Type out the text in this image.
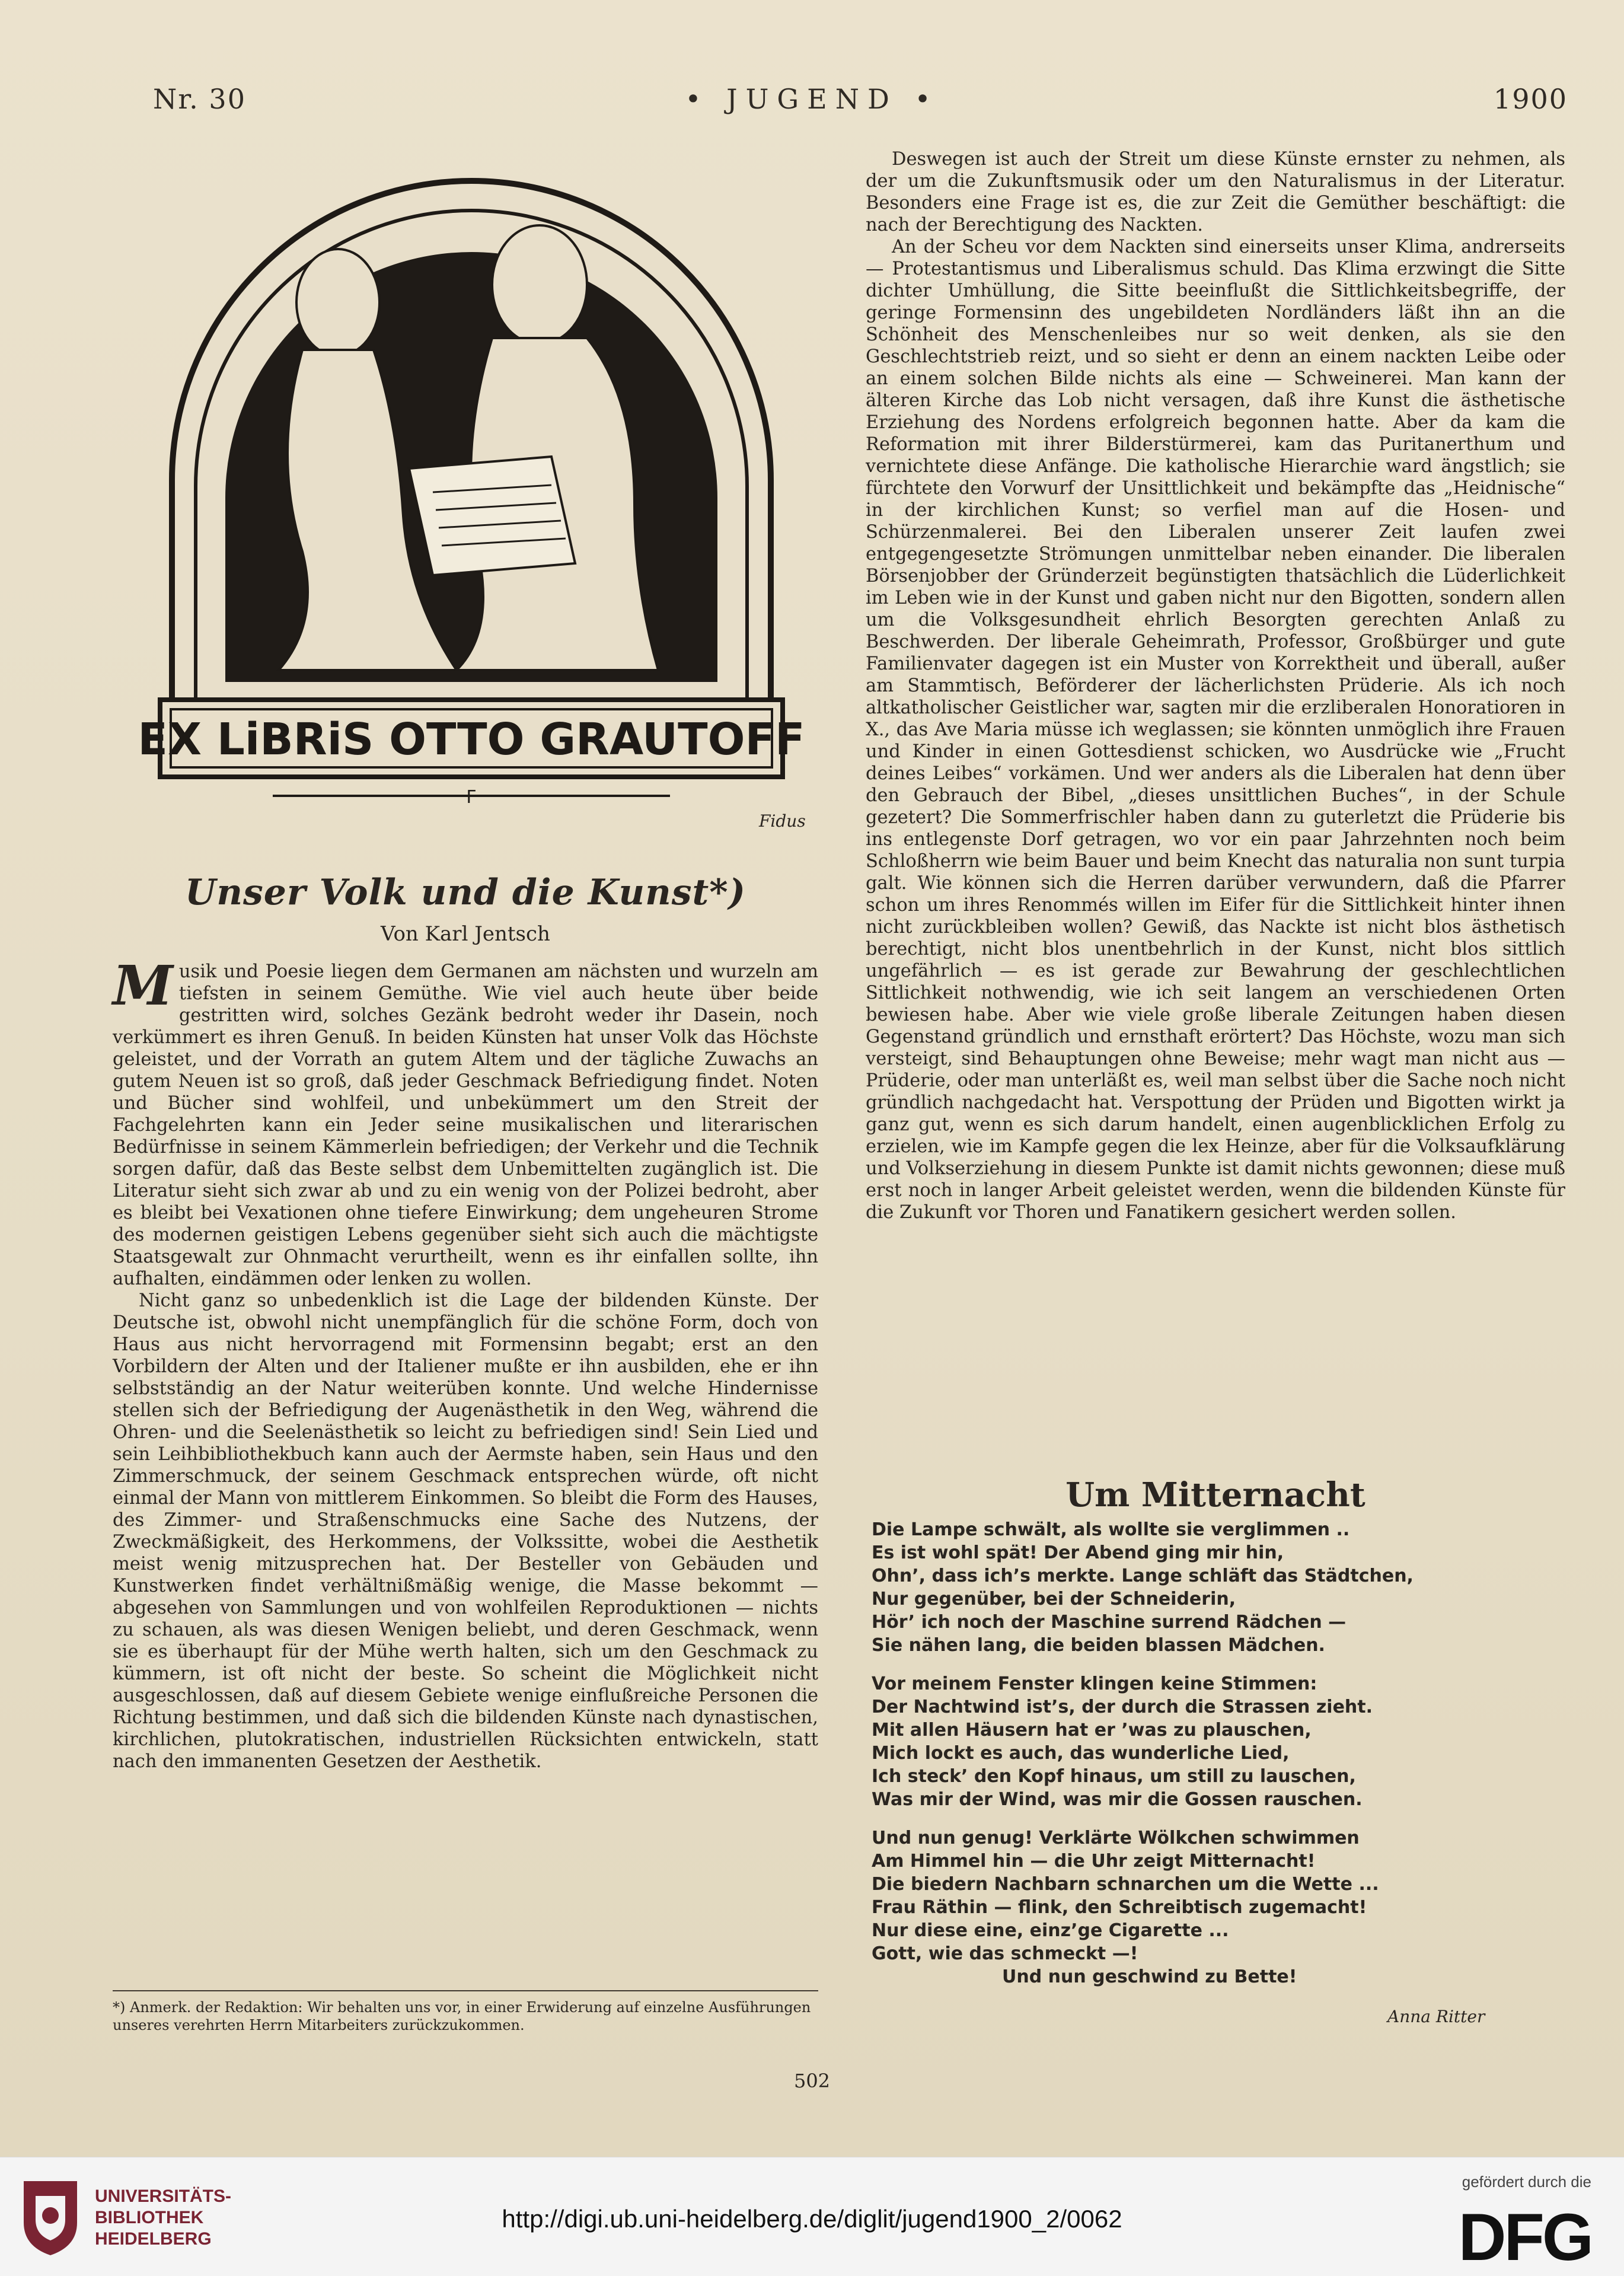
Nr. 30	• JUGEND •	1900
EX LiBRiS OTTO GRAUTOFF
F
Fidus
Unser Volk und die Kunst*)
Von Karl Jentsch

Musik und Poesie liegen dem Germanen am nächsten und wurzeln am tiefsten in seinem Gemüthe. Wie viel auch heute über beide gestritten wird, solches Gezänk bedroht weder ihr Dasein, noch verkümmert es ihren Genuß. In beiden Künsten hat unser Volk das Höchste geleistet, und der Vorrath an gutem Altem und der tägliche Zuwachs an gutem Neuen ist so groß, daß jeder Geschmack Befriedigung findet. Noten und Bücher sind wohlfeil, und unbekümmert um den Streit der Fachgelehrten kann ein Jeder seine musikalischen und literarischen Bedürfnisse in seinem Kämmerlein befriedigen; der Verkehr und die Technik sorgen dafür, daß das Beste selbst dem Unbemittelten zugänglich ist. Die Literatur sieht sich zwar ab und zu ein wenig von der Polizei bedroht, aber es bleibt bei Vexationen ohne tiefere Einwirkung; dem ungeheuren Strome des modernen geistigen Lebens gegenüber sieht sich auch die mächtigste Staatsgewalt zur Ohnmacht verurtheilt, wenn es ihr einfallen sollte, ihn aufhalten, eindämmen oder lenken zu wollen.

Nicht ganz so unbedenklich ist die Lage der bildenden Künste. Der Deutsche ist, obwohl nicht unempfänglich für die schöne Form, doch von Haus aus nicht hervorragend mit Formensinn begabt; erst an den Vorbildern der Alten und der Italiener mußte er ihn ausbilden, ehe er ihn selbstständig an der Natur weiterüben konnte. Und welche Hindernisse stellen sich der Befriedigung der Augenästhetik in den Weg, während die Ohren- und die Seelenästhetik so leicht zu befriedigen sind! Sein Lied und sein Leihbibliothekbuch kann auch der Aermste haben, sein Haus und den Zimmerschmuck, der seinem Geschmack entsprechen würde, oft nicht einmal der Mann von mittlerem Einkommen. So bleibt die Form des Hauses, des Zimmer- und Straßenschmucks eine Sache des Nutzens, der Zweckmäßigkeit, des Herkommens, der Volkssitte, wobei die Aesthetik meist wenig mitzusprechen hat. Der Besteller von Gebäuden und Kunstwerken findet verhältnißmäßig wenige, die Masse bekommt — abgesehen von Sammlungen und von wohlfeilen Reproduktionen — nichts zu schauen, als was diesen Wenigen beliebt, und deren Geschmack, wenn sie es überhaupt für der Mühe werth halten, sich um den Geschmack zu kümmern, ist oft nicht der beste. So scheint die Möglichkeit nicht ausgeschlossen, daß auf diesem Gebiete wenige einflußreiche Personen die Richtung bestimmen, und daß sich die bildenden Künste nach dynastischen, kirchlichen, plutokratischen, industriellen Rücksichten entwickeln, statt nach den immanenten Gesetzen der Aesthetik.

*) Anmerk. der Redaktion: Wir behalten uns vor, in einer Erwiderung auf einzelne Ausführungen unseres verehrten Herrn Mitarbeiters zurückzukommen.

Deswegen ist auch der Streit um diese Künste ernster zu nehmen, als der um die Zukunftsmusik oder um den Naturalismus in der Literatur. Besonders eine Frage ist es, die zur Zeit die Gemüther beschäftigt: die nach der Berechtigung des Nackten.

An der Scheu vor dem Nackten sind einerseits unser Klima, andrerseits — Protestantismus und Liberalismus schuld. Das Klima erzwingt die Sitte dichter Umhüllung, die Sitte beeinflußt die Sittlichkeitsbegriffe, der geringe Formensinn des ungebildeten Nordländers läßt ihn an die Schönheit des Menschenleibes nur so weit denken, als sie den Geschlechtstrieb reizt, und so sieht er denn an einem nackten Leibe oder an einem solchen Bilde nichts als eine — Schweinerei. Man kann der älteren Kirche das Lob nicht versagen, daß ihre Kunst die ästhetische Erziehung des Nordens erfolgreich begonnen hatte. Aber da kam die Reformation mit ihrer Bilderstürmerei, kam das Puritanerthum und vernichtete diese Anfänge. Die katholische Hierarchie ward ängstlich; sie fürchtete den Vorwurf der Unsittlichkeit und bekämpfte das „Heidnische“ in der kirchlichen Kunst; so verfiel man auf die Hosen- und Schürzenmalerei. Bei den Liberalen unserer Zeit laufen zwei entgegengesetzte Strömungen unmittelbar neben einander. Die liberalen Börsenjobber der Gründerzeit begünstigten thatsächlich die Lüderlichkeit im Leben wie in der Kunst und gaben nicht nur den Bigotten, sondern allen um die Volksgesundheit ehrlich Besorgten gerechten Anlaß zu Beschwerden. Der liberale Geheimrath, Professor, Großbürger und gute Familienvater dagegen ist ein Muster von Korrektheit und überall, außer am Stammtisch, Beförderer der lächerlichsten Prüderie. Als ich noch altkatholischer Geistlicher war, sagten mir die erzliberalen Honoratioren in X., das Ave Maria müsse ich weglassen; sie könnten unmöglich ihre Frauen und Kinder in einen Gottesdienst schicken, wo Ausdrücke wie „Frucht deines Leibes“ vorkämen. Und wer anders als die Liberalen hat denn über den Gebrauch der Bibel, „dieses unsittlichen Buches“, in der Schule gezetert? Die Sommerfrischler haben dann zu guterletzt die Prüderie bis ins entlegenste Dorf getragen, wo vor ein paar Jahrzehnten noch beim Schloßherrn wie beim Bauer und beim Knecht das naturalia non sunt turpia galt. Wie können sich die Herren darüber verwundern, daß die Pfarrer schon um ihres Renommés willen im Eifer für die Sittlichkeit hinter ihnen nicht zurückbleiben wollen? Gewiß, das Nackte ist nicht blos ästhetisch berechtigt, nicht blos unentbehrlich in der Kunst, nicht blos sittlich ungefährlich — es ist gerade zur Bewahrung der geschlechtlichen Sittlichkeit nothwendig, wie ich seit langem an verschiedenen Orten bewiesen habe. Aber wie viele große liberale Zeitungen haben diesen Gegenstand gründlich und ernsthaft erörtert? Das Höchste, wozu man sich versteigt, sind Behauptungen ohne Beweise; mehr wagt man nicht aus — Prüderie, oder man unterläßt es, weil man selbst über die Sache noch nicht gründlich nachgedacht hat. Verspottung der Prüden und Bigotten wirkt ja ganz gut, wenn es sich darum handelt, einen augenblicklichen Erfolg zu erzielen, wie im Kampfe gegen die lex Heinze, aber für die Volksaufklärung und Volkserziehung in diesem Punkte ist damit nichts gewonnen; diese muß erst noch in langer Arbeit geleistet werden, wenn die bildenden Künste für die Zukunft vor Thoren und Fanatikern gesichert werden sollen.

Um Mitternacht
Die Lampe schwält, als wollte sie verglimmen ..
Es ist wohl spät! Der Abend ging mir hin,
Ohn’, dass ich’s merkte. Lange schläft das Städtchen,
Nur gegenüber, bei der Schneiderin,
Hör’ ich noch der Maschine surrend Rädchen —
Sie nähen lang, die beiden blassen Mädchen.
Vor meinem Fenster klingen keine Stimmen:
Der Nachtwind ist’s, der durch die Strassen zieht.
Mit allen Häusern hat er ’was zu plauschen,
Mich lockt es auch, das wunderliche Lied,
Ich steck’ den Kopf hinaus, um still zu lauschen,
Was mir der Wind, was mir die Gossen rauschen.
Und nun genug! Verklärte Wölkchen schwimmen
Am Himmel hin — die Uhr zeigt Mitternacht!
Die biedern Nachbarn schnarchen um die Wette ...
Frau Räthin — flink, den Schreibtisch zugemacht!
Nur diese eine, einz’ge Cigarette ...
Gott, wie das schmeckt —!
Und nun geschwind zu Bette!
Anna Ritter
502
UNIVERSITÄTS-
BIBLIOTHEK
HEIDELBERG
http://digi.ub.uni-heidelberg.de/diglit/jugend1900_2/0062
gefördert durch die
DFG
